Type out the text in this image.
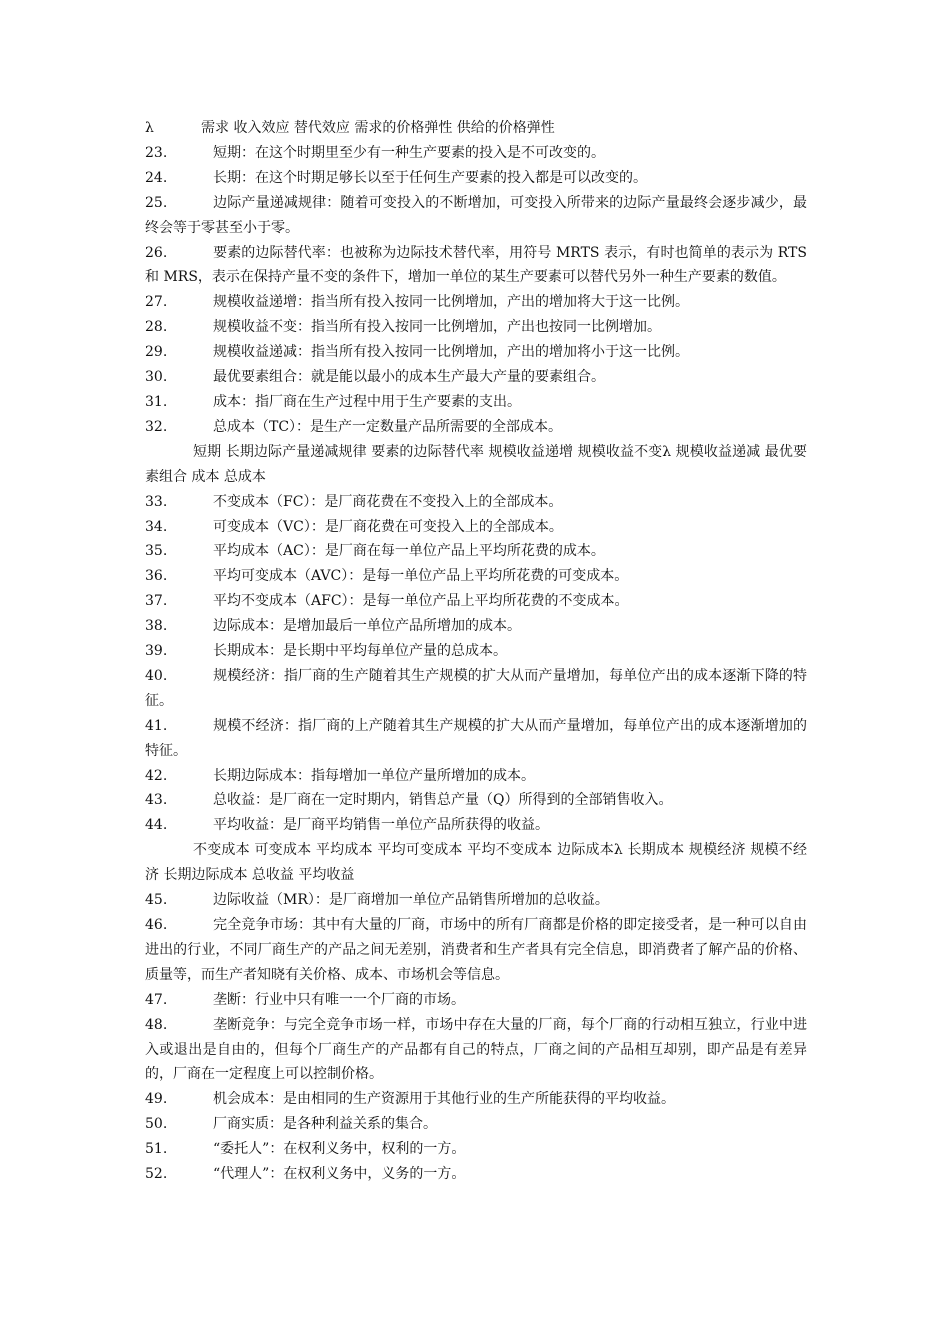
λ	需求 收入效应 替代效应 需求的价格弹性 供给的价格弹性

23.	短期：在这个时期里至少有一种生产要素的投入是不可改变的。

24.	长期：在这个时期足够长以至于任何生产要素的投入都是可以改变的。

25.	边际产量递减规律：随着可变投入的不断增加，可变投入所带来的边际产量最终会逐步减少，最终会等于零甚至小于零。

26.	要素的边际替代率：也被称为边际技术替代率，用符号 MRTS 表示，有时也简单的表示为 RTS 和 MRS，表示在保持产量不变的条件下，增加一单位的某生产要素可以替代另外一种生产要素的数值。

27.	规模收益递增：指当所有投入按同一比例增加，产出的增加将大于这一比例。

28.	规模收益不变：指当所有投入按同一比例增加，产出也按同一比例增加。

29.	规模收益递减：指当所有投入按同一比例增加，产出的增加将小于这一比例。

30.	最优要素组合：就是能以最小的成本生产最大产量的要素组合。

31.	成本：指厂商在生产过程中用于生产要素的支出。

32.	总成本（TC）：是生产一定数量产品所需要的全部成本。

短期 长期边际产量递减规律 要素的边际替代率 规模收益递增 规模收益不变λ 规模收益递减 最优要素组合 成本 总成本

33.	不变成本（FC）：是厂商花费在不变投入上的全部成本。

34.	可变成本（VC）：是厂商花费在可变投入上的全部成本。

35.	平均成本（AC）：是厂商在每一单位产品上平均所花费的成本。

36.	平均可变成本（AVC）：是每一单位产品上平均所花费的可变成本。

37.	平均不变成本（AFC）：是每一单位产品上平均所花费的不变成本。

38.	边际成本：是增加最后一单位产品所增加的成本。

39.	长期成本：是长期中平均每单位产量的总成本。

40.	规模经济：指厂商的生产随着其生产规模的扩大从而产量增加，每单位产出的成本逐渐下降的特征。

41.	规模不经济：指厂商的上产随着其生产规模的扩大从而产量增加，每单位产出的成本逐渐增加的特征。

42.	长期边际成本：指每增加一单位产量所增加的成本。

43.	总收益：是厂商在一定时期内，销售总产量（Q）所得到的全部销售收入。

44.	平均收益：是厂商平均销售一单位产品所获得的收益。

不变成本 可变成本 平均成本 平均可变成本 平均不变成本 边际成本λ 长期成本 规模经济 规模不经济 长期边际成本 总收益 平均收益

45.	边际收益（MR）：是厂商增加一单位产品销售所增加的总收益。

46.	完全竞争市场：其中有大量的厂商，市场中的所有厂商都是价格的即定接受者，是一种可以自由进出的行业，不同厂商生产的产品之间无差别，消费者和生产者具有完全信息，即消费者了解产品的价格、质量等，而生产者知晓有关价格、成本、市场机会等信息。

47.	垄断：行业中只有唯一一个厂商的市场。

48.	垄断竞争：与完全竞争市场一样，市场中存在大量的厂商，每个厂商的行动相互独立，行业中进入或退出是自由的，但每个厂商生产的产品都有自己的特点，厂商之间的产品相互却别，即产品是有差异的，厂商在一定程度上可以控制价格。

49.	机会成本：是由相同的生产资源用于其他行业的生产所能获得的平均收益。

50.	厂商实质：是各种利益关系的集合。

51.	“委托人”：在权利义务中，权利的一方。

52.	“代理人”：在权利义务中，义务的一方。
